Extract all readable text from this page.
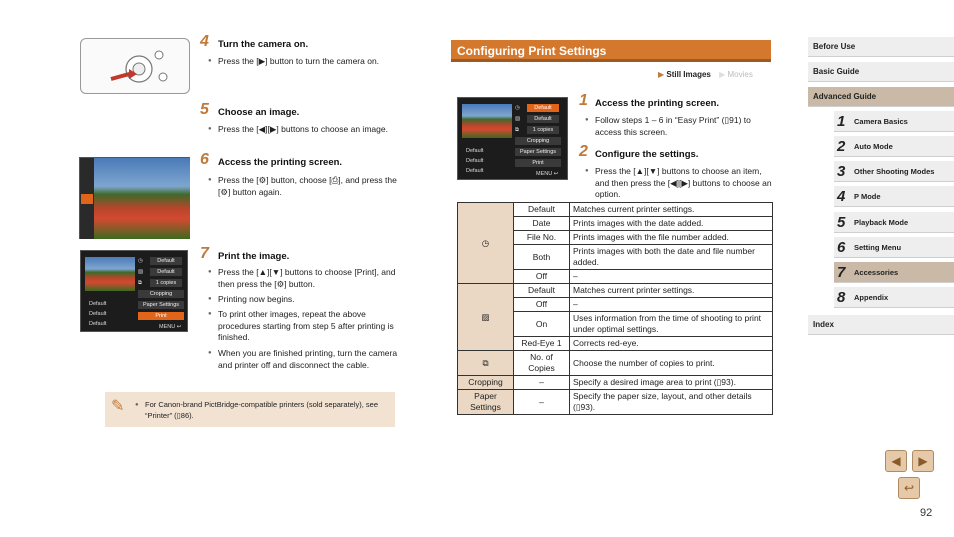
4 Turn the camera on.
● Press the [▶] button to turn the camera on.
5 Choose an image.
● Press the [◀][▶] buttons to choose an image.
6 Access the printing screen.
● Press the [⚙] button, choose [⎙], and press the [⚙] button again.
◷
▨
⧉
Default
Default
1 copies
Cropping
Paper Settings
Print
Default
Default
Default	MENU ↩
7 Print the image.
● Press the [▲][▼] buttons to choose [Print], and then press the [⚙] button.
● Printing now begins.
● To print other images, repeat the above procedures starting from step 5 after printing is finished.
● When you are finished printing, turn the camera and printer off and disconnect the cable.
✎	● For Canon-brand PictBridge-compatible printers (sold separately), see “Printer” (▯86).
Configuring Print Settings
▶ Still Images ▶ Movies
◷
▨
⧉
Default
Default
1 copies
Cropping
Paper Settings
Print
Default
Default
Default	MENU ↩
1 Access the printing screen.
● Follow steps 1 – 6 in “Easy Print” (▯91) to access this screen.
2 Configure the settings.
● Press the [▲][▼] buttons to choose an item, and then press the [◀][▶] buttons to choose an option.
◷	Default	Matches current printer settings.
	Date	Prints images with the date added.
	File No.	Prints images with the file number added.
	Both	Prints images with both the date and file number added.
	Off	–
▨	Default	Matches current printer settings.
	Off	–
	On	Uses information from the time of shooting to print under optimal settings.
	Red-Eye 1	Corrects red-eye.
⧉	No. of Copies	Choose the number of copies to print.
Cropping	–	Specify a desired image area to print (▯93).
Paper Settings	–	Specify the paper size, layout, and other details (▯93).
Before Use
Basic Guide
Advanced Guide
1 Camera Basics
2 Auto Mode
3 Other Shooting Modes
4 P Mode
5 Playback Mode
6 Setting Menu
7 Accessories
8 Appendix
Index
◀	▶
↩
92
